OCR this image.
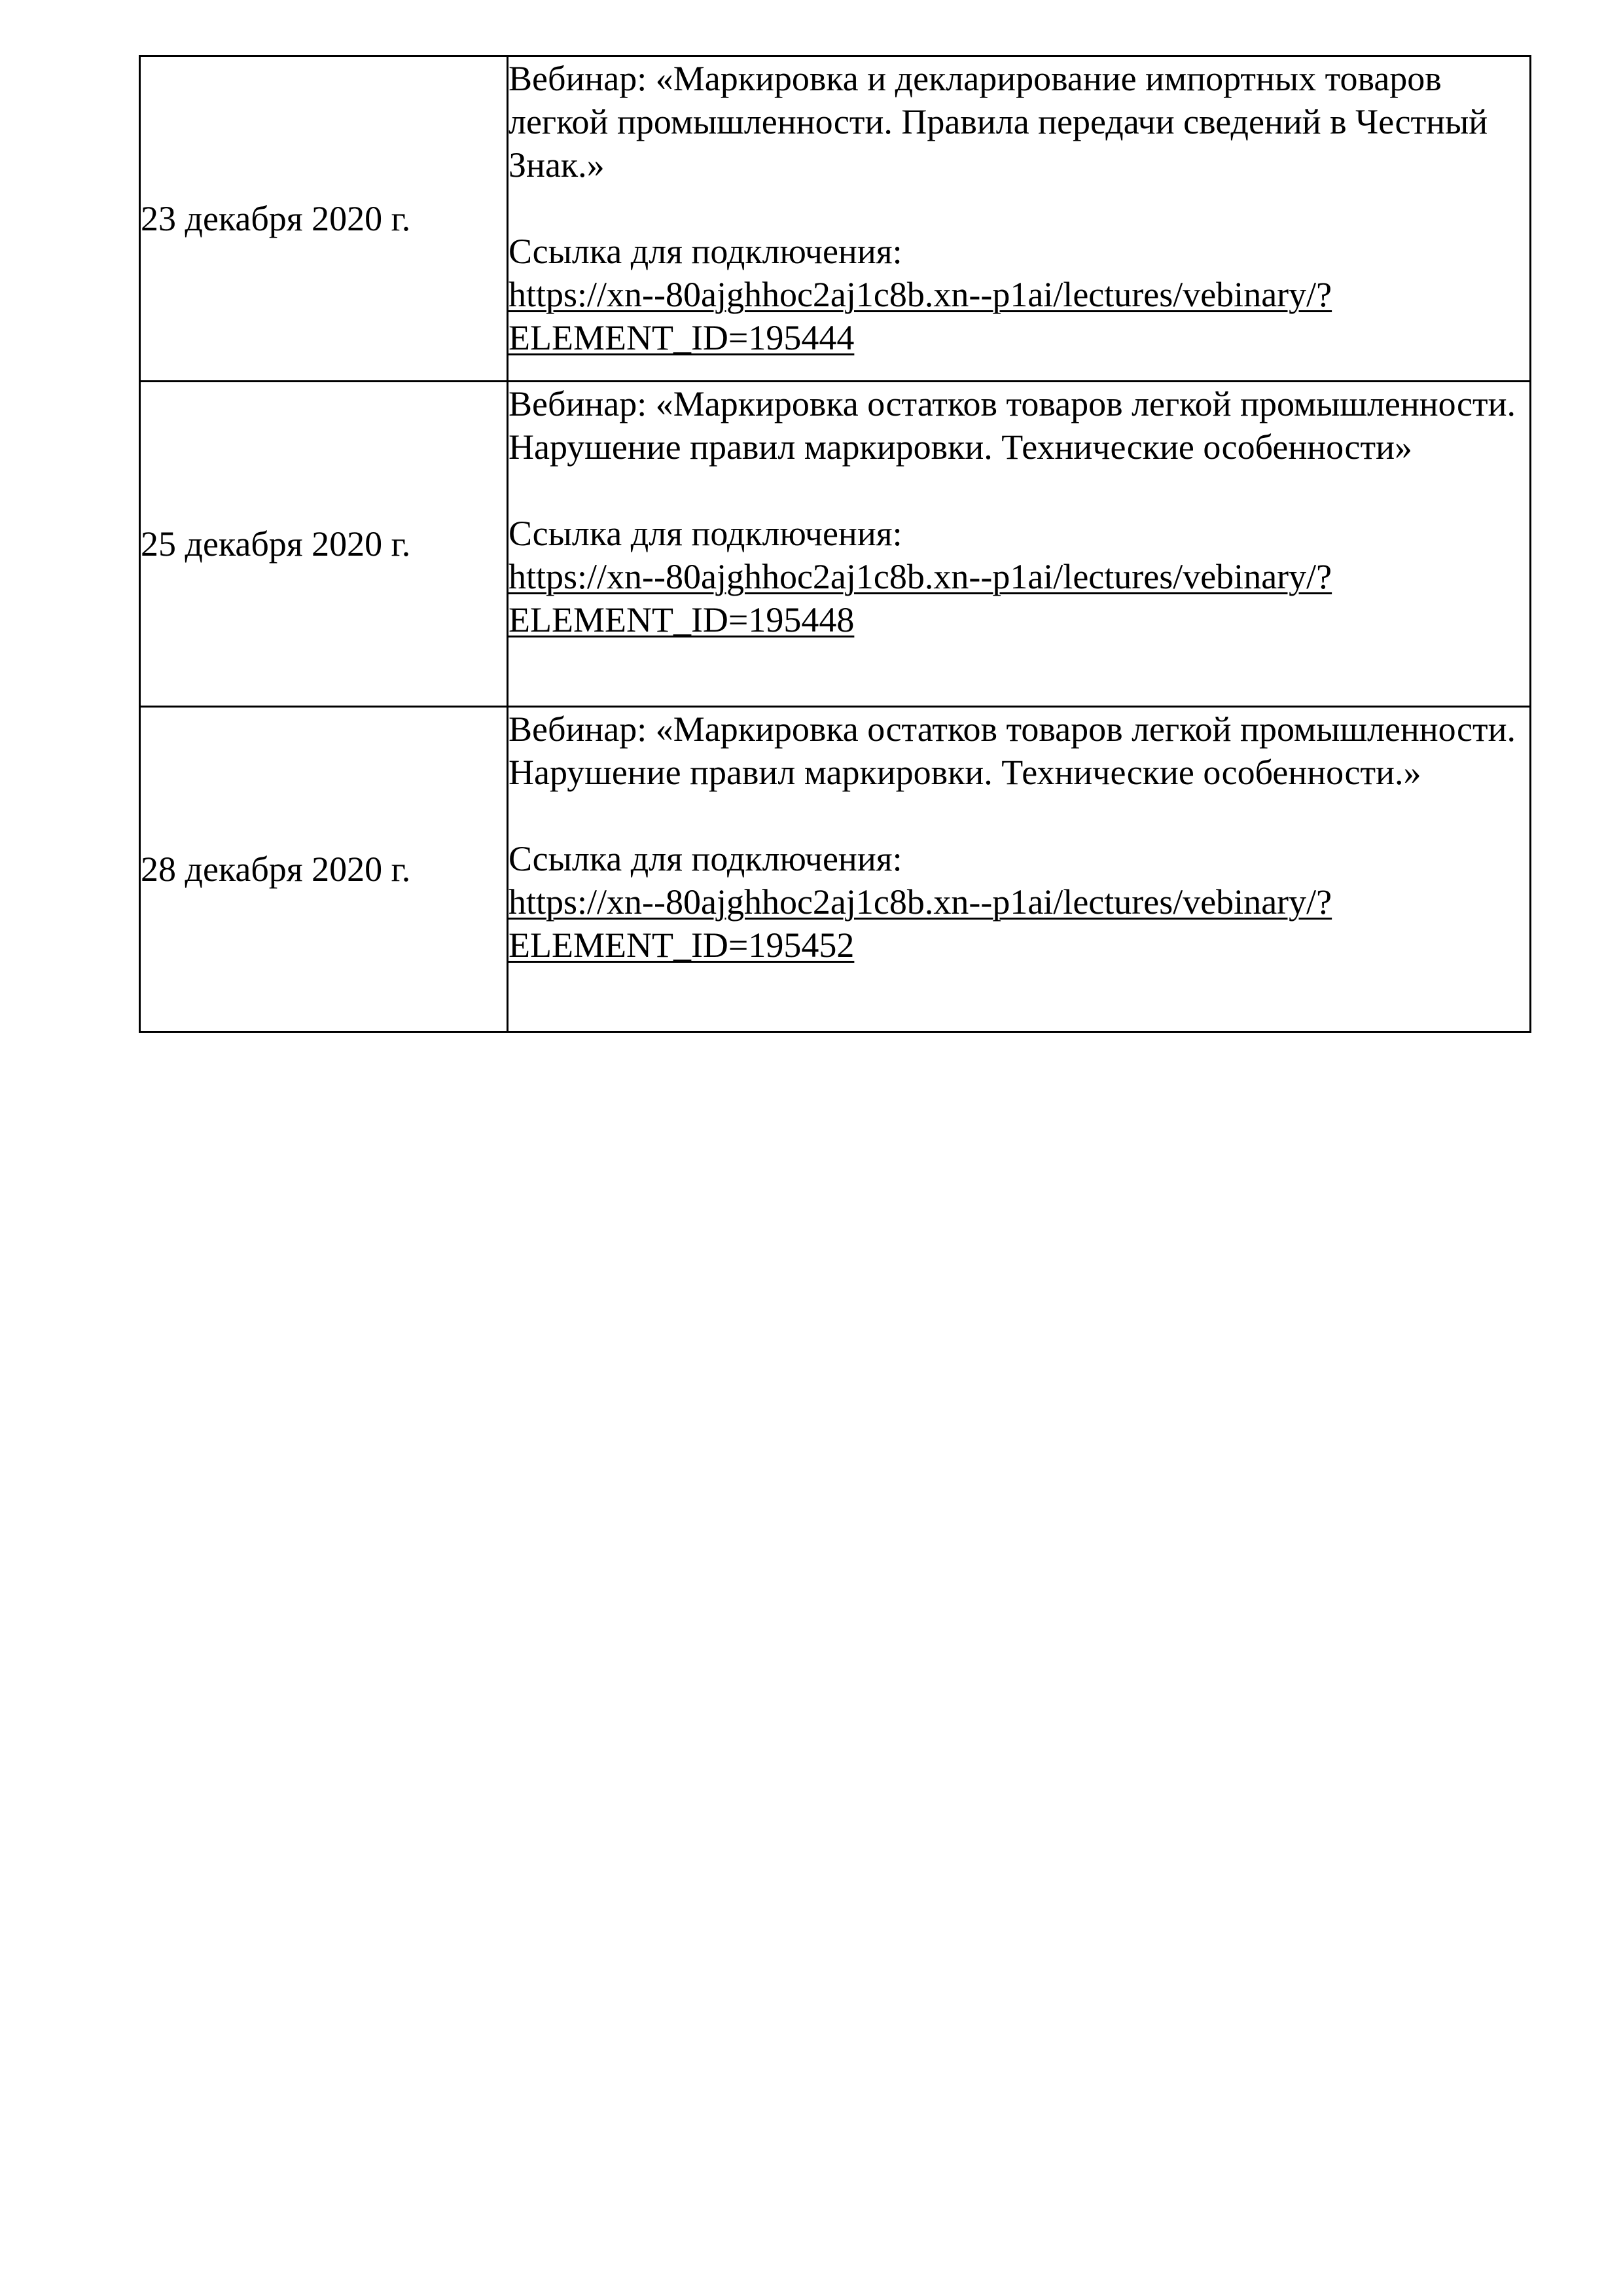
23 декабря 2020 г.	Вебинар: «Маркировка и декларирование импортных товаров легкой промышленности. Правила передачи сведений в Честный Знак.»
Ссылка для подключения:
https://xn--80ajghhoc2aj1c8b.xn--p1ai/lectures/vebinary/?
ELEMENT_ID=195444

25 декабря 2020 г.	Вебинар: «Маркировка остатков товаров легкой промышленности. Нарушение правил маркировки. Технические особенности»
Ссылка для подключения:
https://xn--80ajghhoc2aj1c8b.xn--p1ai/lectures/vebinary/?
ELEMENT_ID=195448

28 декабря 2020 г.	Вебинар: «Маркировка остатков товаров легкой промышленности. Нарушение правил маркировки. Технические особенности.»
Ссылка для подключения:
https://xn--80ajghhoc2aj1c8b.xn--p1ai/lectures/vebinary/?
ELEMENT_ID=195452
